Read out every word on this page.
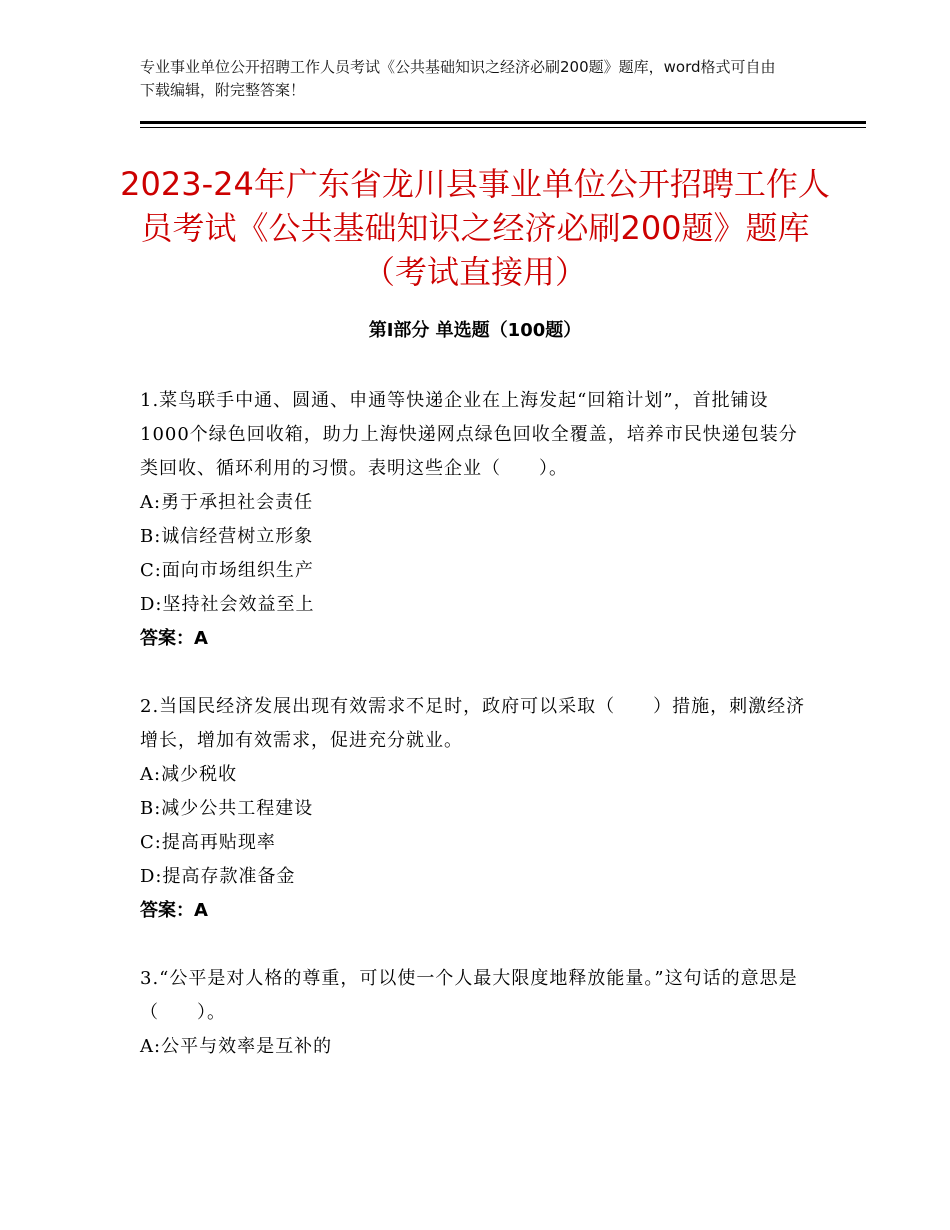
专业事业单位公开招聘工作人员考试《公共基础知识之经济必刷200题》题库，word格式可自由下载编辑，附完整答案！
2023-24年广东省龙川县事业单位公开招聘工作人员考试《公共基础知识之经济必刷200题》题库（考试直接用）
第I部分 单选题（100题）

1.菜鸟联手中通、圆通、申通等快递企业在上海发起“回箱计划”，首批铺设1000个绿色回收箱，助力上海快递网点绿色回收全覆盖，培养市民快递包装分类回收、循环利用的习惯。表明这些企业（　　）。

A:勇于承担社会责任

B:诚信经营树立形象

C:面向市场组织生产

D:坚持社会效益至上

答案：A

2.当国民经济发展出现有效需求不足时，政府可以采取（　　）措施，刺激经济增长，增加有效需求，促进充分就业。

A:减少税收

B:减少公共工程建设

C:提高再贴现率

D:提高存款准备金

答案：A

3.“公平是对人格的尊重，可以使一个人最大限度地释放能量。”这句话的意思是（　　）。

A:公平与效率是互补的
